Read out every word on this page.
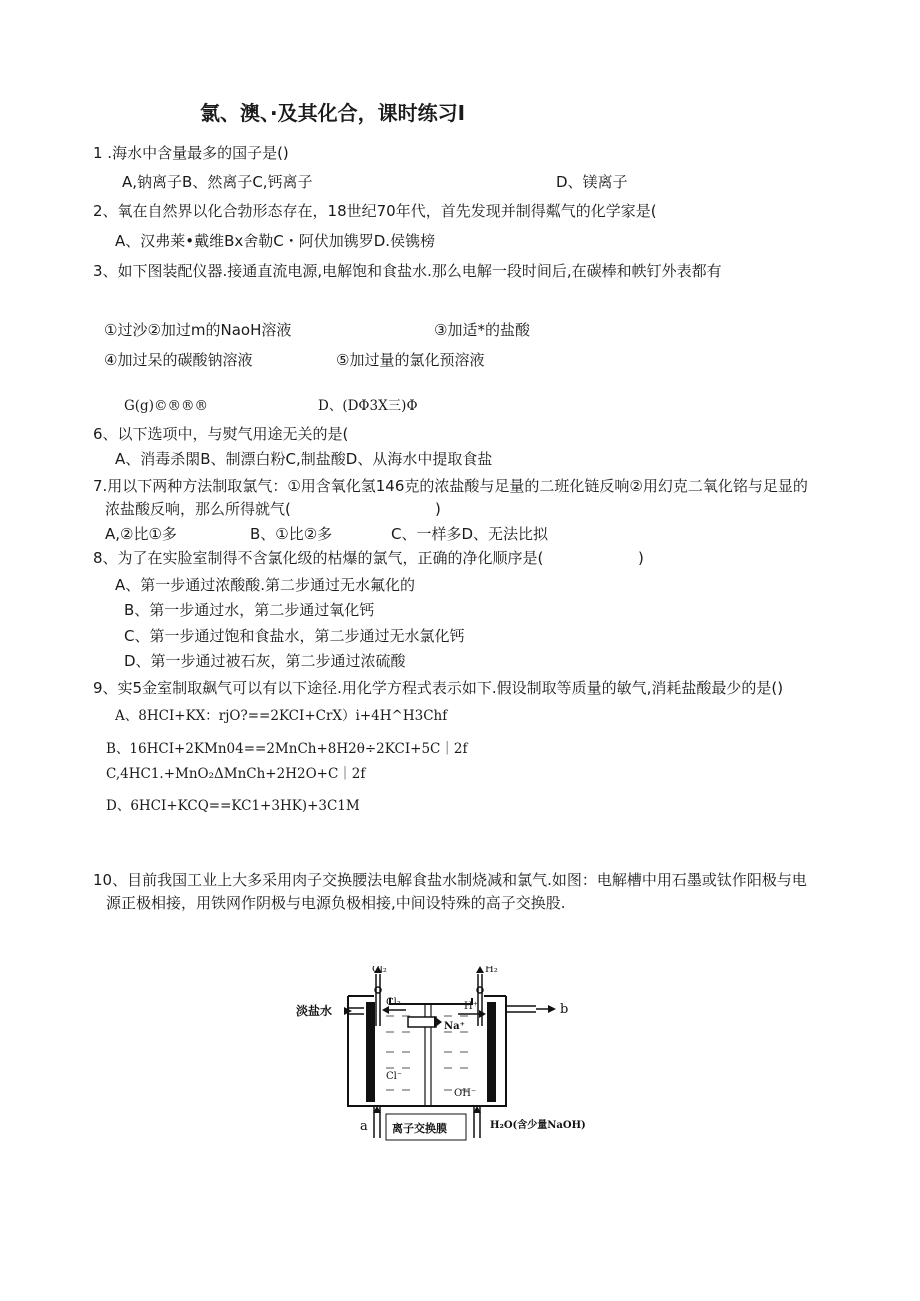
氯、澳、·及其化合，课时练习I
1 .海水中含量最多的国子是()
A,钠离子B、然离子C,钙离子	D、镁离子
2、氧在自然界以化合勃形态存在，18世纪70年代，首先发现并制得粼气的化学家是(
A、汉弗莱•戴维Bx舍勒C・阿伏加镌罗D.侯镌榜
3、如下图装配仪器.接通直流电源,电解饱和食盐水.那么电解一段时间后,在碳棒和帙钉外表都有
①过沙②加过m的NaoH溶液	③加适*的盐酸
④加过呆的碳酸钠溶液	⑤加过量的氯化预溶液
G(g)©®®®	D、(DΦ3X三)Φ
6、以下选项中，与熨气用途无关的是(
A、消毒杀閖B、制漂白粉C,制盐酸D、从海水中提取食盐
7.用以下两种方法制取氯气：①用含氧化氢146克的浓盐酸与足量的二班化链反响②用幻克二氧化铭与足显的
浓盐酸反响，那么所得就气(	)
A,②比①多	B、①比②多	C、一样多D、无法比拟
8、为了在实脸室制得不含氯化级的枯爆的氯气，正确的净化顺序是(	)
A、第一步通过浓酸酸.第二步通过无水氟化的
B、第一步通过水，第二步通过氧化钙
C、第一步通过饱和食盐水，第二步通过无水氯化钙
D、第一步通过被石灰，第二步通过浓硫酸
9、实5金室制取飙气可以有以下途径.用化学方程式表示如下.假设制取等质量的敏气,消耗盐酸最少的是()
A、8HCI+KX：rjO?==2KCI+CrX）i+4H^H3Chf
B、16HCI+2KMn04==2MnCh+8H2θ÷2KCI+5C｜2f
C,4HC1.+MnO₂ΔMnCh+2H2O+C｜2f
D、6HCI+KCQ==KC1+3HK)+3C1M
10、目前我国工业上大多采用肉子交换腰法电解食盐水制烧减和氯气.如图：电解槽中用石墨或钛作阳极与电
源正极相接，用铁网作阴极与电源负极相接,中间设特殊的高子交换股.
Cl₂	H₂
淡盐水
Cl₂	H⁺
Na⁺
Cl⁻
OH⁻
b
a 离子交换膜	H₂O(含少量NaOH)
